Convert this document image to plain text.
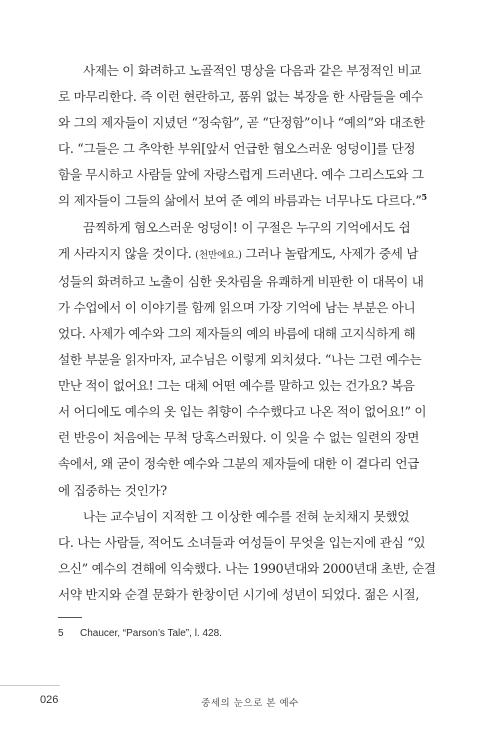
사제는 이 화려하고 노골적인 명상을 다음과 같은 부정적인 비교
로 마무리한다. 즉 이런 현란하고, 품위 없는 복장을 한 사람들을 예수
와 그의 제자들이 지녔던 “정숙함”, 곧 “단정함”이나 “예의”와 대조한
다. “그들은 그 추악한 부위[앞서 언급한 혐오스러운 엉덩이]를 단정
함을 무시하고 사람들 앞에 자랑스럽게 드러낸다. 예수 그리스도와 그
의 제자들이 그들의 삶에서 보여 준 예의 바름과는 너무나도 다르다.”$^5$

끔찍하게 혐오스러운 엉덩이! 이 구절은 누구의 기억에서도 쉽
게 사라지지 않을 것이다. (천만에요.) 그러나 놀랍게도, 사제가 중세 남
성들의 화려하고 노출이 심한 옷차림을 유쾌하게 비판한 이 대목이 내
가 수업에서 이 이야기를 함께 읽으며 가장 기억에 남는 부분은 아니
었다. 사제가 예수와 그의 제자들의 예의 바름에 대해 고지식하게 해
설한 부분을 읽자마자, 교수님은 이렇게 외치셨다. “나는 그런 예수는
만난 적이 없어요! 그는 대체 어떤 예수를 말하고 있는 건가요? 복음
서 어디에도 예수의 옷 입는 취향이 수수했다고 나온 적이 없어요!” 이
런 반응이 처음에는 무척 당혹스러웠다. 이 잊을 수 없는 일련의 장면
속에서, 왜 굳이 정숙한 예수와 그분의 제자들에 대한 이 곁다리 언급
에 집중하는 것인가?

나는 교수님이 지적한 그 이상한 예수를 전혀 눈치채지 못했었
다. 나는 사람들, 적어도 소녀들과 여성들이 무엇을 입는지에 관심 “있
으신” 예수의 견해에 익숙했다. 나는 1990년대와 2000년대 초반, 순결
서약 반지와 순결 문화가 한창이던 시기에 성년이 되었다. 젊은 시절,

5 Chaucer, “Parson’s Tale”, l. 428.
026	중세의 눈으로 본 예수
